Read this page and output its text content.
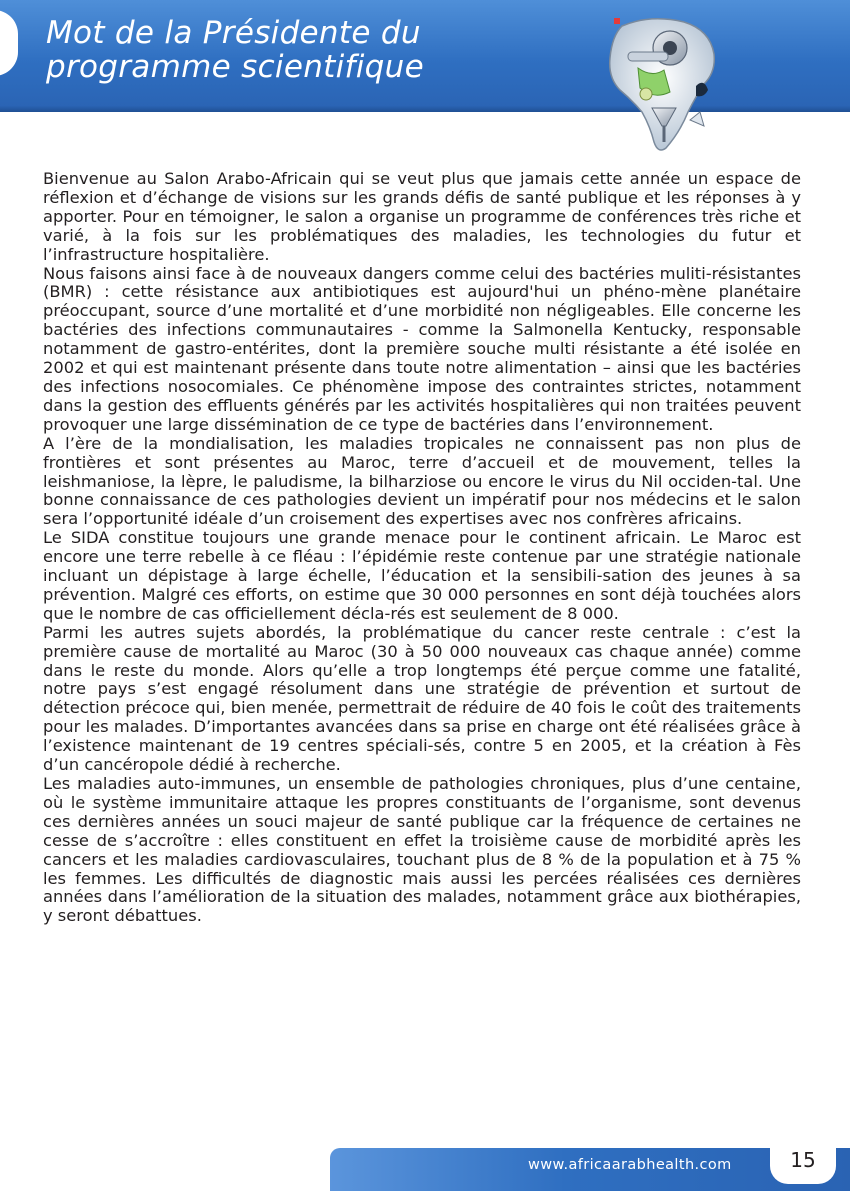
Mot de la Présidente du
programme scientifique

Bienvenue au Salon Arabo-Africain qui se veut plus que jamais cette année un espace de réflexion et d’échange de visions sur les grands défis de santé publique et les réponses à y apporter. Pour en témoigner, le salon a organise un programme de conférences très riche et varié, à la fois sur les problématiques des maladies, les technologies du futur et l’infrastructure hospitalière.

Nous faisons ainsi face à de nouveaux dangers comme celui des bactéries muliti-résistantes (BMR) : cette résistance aux antibiotiques est aujourd'hui un phéno-mène planétaire préoccupant, source d’une mortalité et d’une morbidité non négligeables. Elle concerne les bactéries des infections communautaires - comme la Salmonella Kentucky, responsable notamment de gastro-entérites, dont la première souche multi résistante a été isolée en 2002 et qui est maintenant présente dans toute notre alimentation – ainsi que les bactéries des infections nosocomiales. Ce phénomène impose des contraintes strictes, notamment dans la gestion des effluents générés par les activités hospitalières qui non traitées peuvent provoquer une large dissémination de ce type de bactéries dans l’environnement.

A l’ère de la mondialisation, les maladies tropicales ne connaissent pas non plus de frontières et sont présentes au Maroc, terre d’accueil et de mouvement, telles la leishmaniose, la lèpre, le paludisme, la bilharziose ou encore le virus du Nil occiden-tal. Une bonne connaissance de ces pathologies devient un impératif pour nos médecins et le salon sera l’opportunité idéale d’un croisement des expertises avec nos confrères africains.

Le SIDA constitue toujours une grande menace pour le continent africain. Le Maroc est encore une terre rebelle à ce fléau : l’épidémie reste contenue par une stratégie nationale incluant un dépistage à large échelle, l’éducation et la sensibili-sation des jeunes à sa prévention. Malgré ces efforts, on estime que 30 000 personnes en sont déjà touchées alors que le nombre de cas officiellement décla-rés est seulement de 8 000.

Parmi les autres sujets abordés, la problématique du cancer reste centrale : c’est la première cause de mortalité au Maroc (30 à 50 000 nouveaux cas chaque année) comme dans le reste du monde. Alors qu’elle a trop longtemps été perçue comme une fatalité, notre pays s’est engagé résolument dans une stratégie de prévention et surtout de détection précoce qui, bien menée, permettrait de réduire de 40 fois le coût des traitements pour les malades. D’importantes avancées dans sa prise en charge ont été réalisées grâce à l’existence maintenant de 19 centres spéciali-sés, contre 5 en 2005, et la création à Fès d’un cancéropole dédié à recherche.

Les maladies auto-immunes, un ensemble de pathologies chroniques, plus d’une centaine, où le système immunitaire attaque les propres constituants de l’organisme, sont devenus ces dernières années un souci majeur de santé publique car la fréquence de certaines ne cesse de s’accroître : elles constituent en effet la troisième cause de morbidité après les cancers et les maladies cardiovasculaires, touchant plus de 8 % de la population et à 75 % les femmes. Les difficultés de diagnostic mais aussi les percées réalisées ces dernières années dans l’amélioration de la situation des malades, notamment grâce aux biothérapies, y seront débattues.

www.africaarabhealth.com	15
